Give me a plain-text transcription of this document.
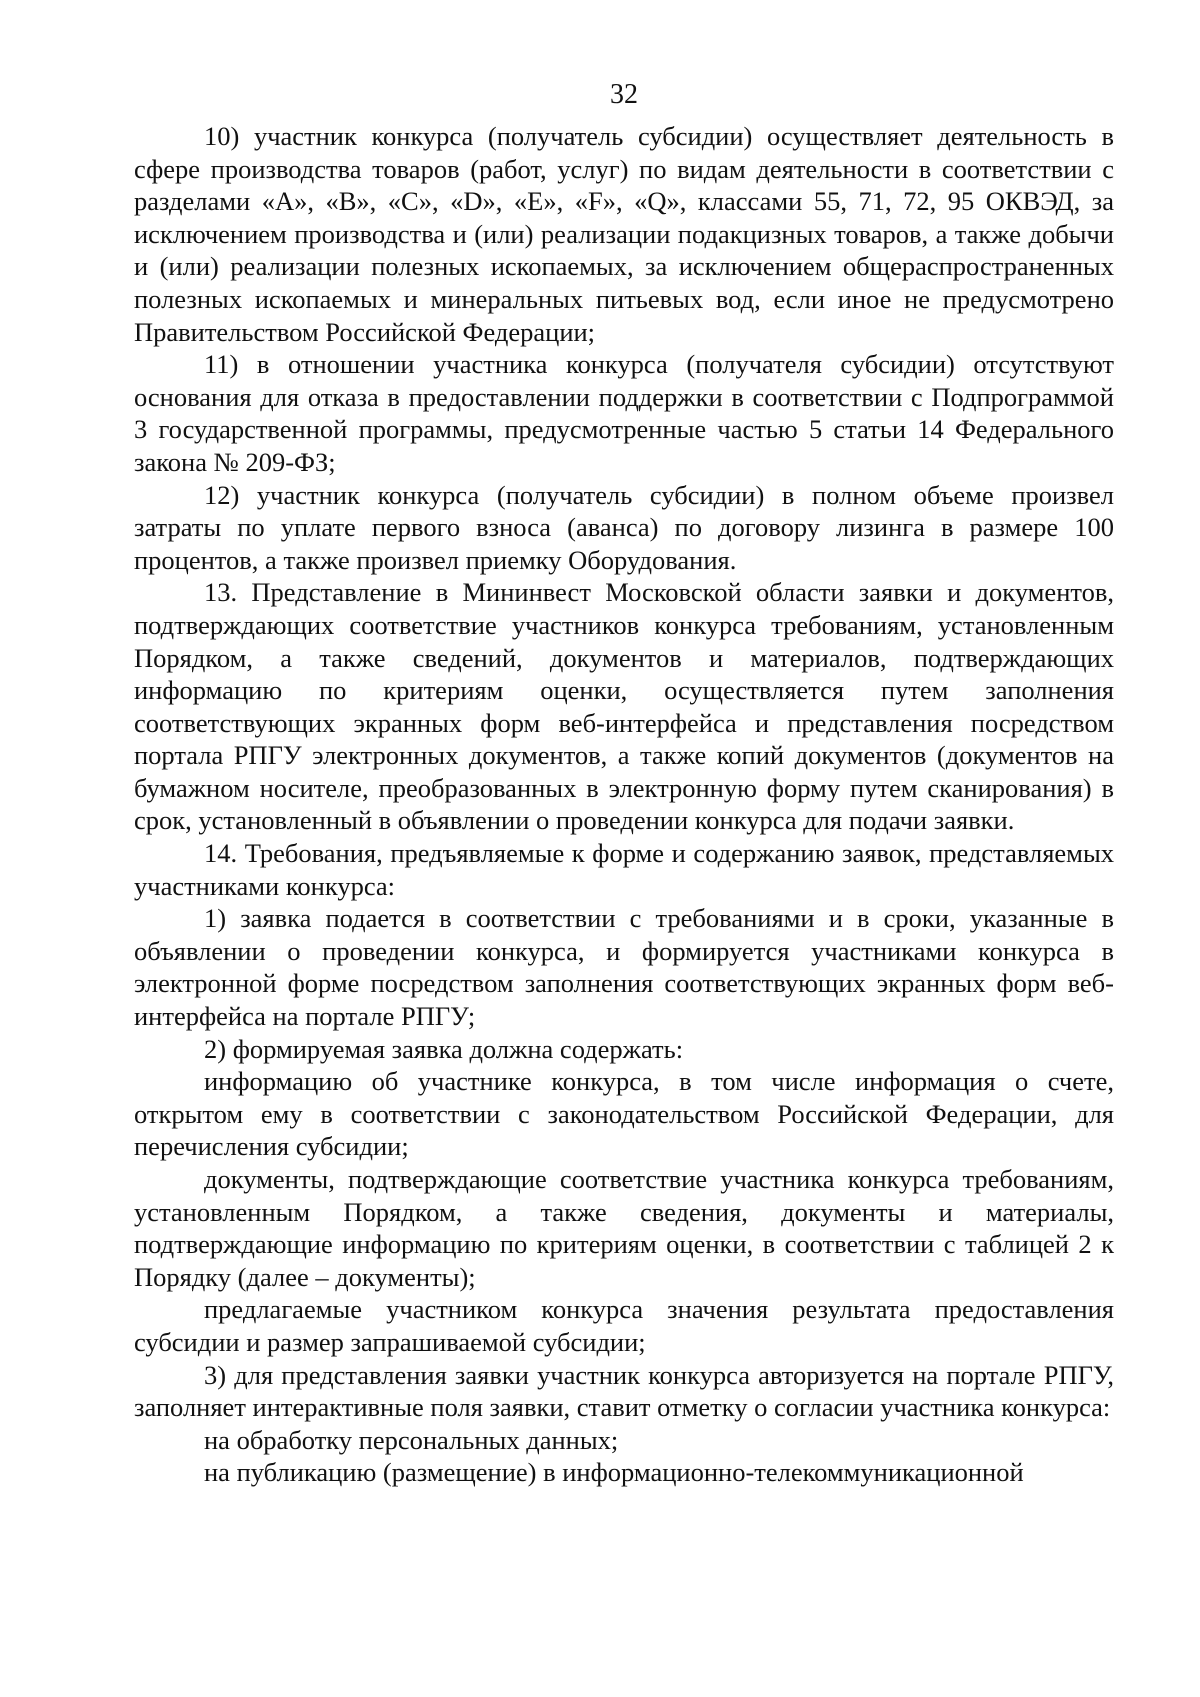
32

10) участник конкурса (получатель субсидии) осуществляет деятельность в сфере производства товаров (работ, услуг) по видам деятельности в соответствии с разделами «А», «В», «С», «D», «Е», «F», «Q», классами 55, 71, 72, 95 ОКВЭД, за исключением производства и (или) реализации подакцизных товаров, а также добычи и (или) реализации полезных ископаемых, за исключением общераспространенных полезных ископаемых и минеральных питьевых вод, если иное не предусмотрено Правительством Российской Федерации;

11) в отношении участника конкурса (получателя субсидии) отсутствуют основания для отказа в предоставлении поддержки в соответствии с Подпрограммой 3 государственной программы, предусмотренные частью 5 статьи 14 Федерального закона № 209-ФЗ;

12) участник конкурса (получатель субсидии) в полном объеме произвел затраты по уплате первого взноса (аванса) по договору лизинга в размере 100 процентов, а также произвел приемку Оборудования.

13. Представление в Мининвест Московской области заявки и документов, подтверждающих соответствие участников конкурса требованиям, установленным Порядком, а также сведений, документов и материалов, подтверждающих информацию по критериям оценки, осуществляется путем заполнения соответствующих экранных форм веб-интерфейса и представления посредством портала РПГУ электронных документов, а также копий документов (документов на бумажном носителе, преобразованных в электронную форму путем сканирования) в срок, установленный в объявлении о проведении конкурса для подачи заявки.

14. Требования, предъявляемые к форме и содержанию заявок, представляемых участниками конкурса:

1) заявка подается в соответствии с требованиями и в сроки, указанные в объявлении о проведении конкурса, и формируется участниками конкурса в электронной форме посредством заполнения соответствующих экранных форм веб-интерфейса на портале РПГУ;

2) формируемая заявка должна содержать:

информацию об участнике конкурса, в том числе информация о счете, открытом ему в соответствии с законодательством Российской Федерации, для перечисления субсидии;

документы, подтверждающие соответствие участника конкурса требованиям, установленным Порядком, а также сведения, документы и материалы, подтверждающие информацию по критериям оценки, в соответствии с таблицей 2 к Порядку (далее – документы);

предлагаемые участником конкурса значения результата предоставления субсидии и размер запрашиваемой субсидии;

3) для представления заявки участник конкурса авторизуется на портале РПГУ, заполняет интерактивные поля заявки, ставит отметку о согласии участника конкурса:

на обработку персональных данных;

на публикацию (размещение) в информационно-телекоммуникационной
